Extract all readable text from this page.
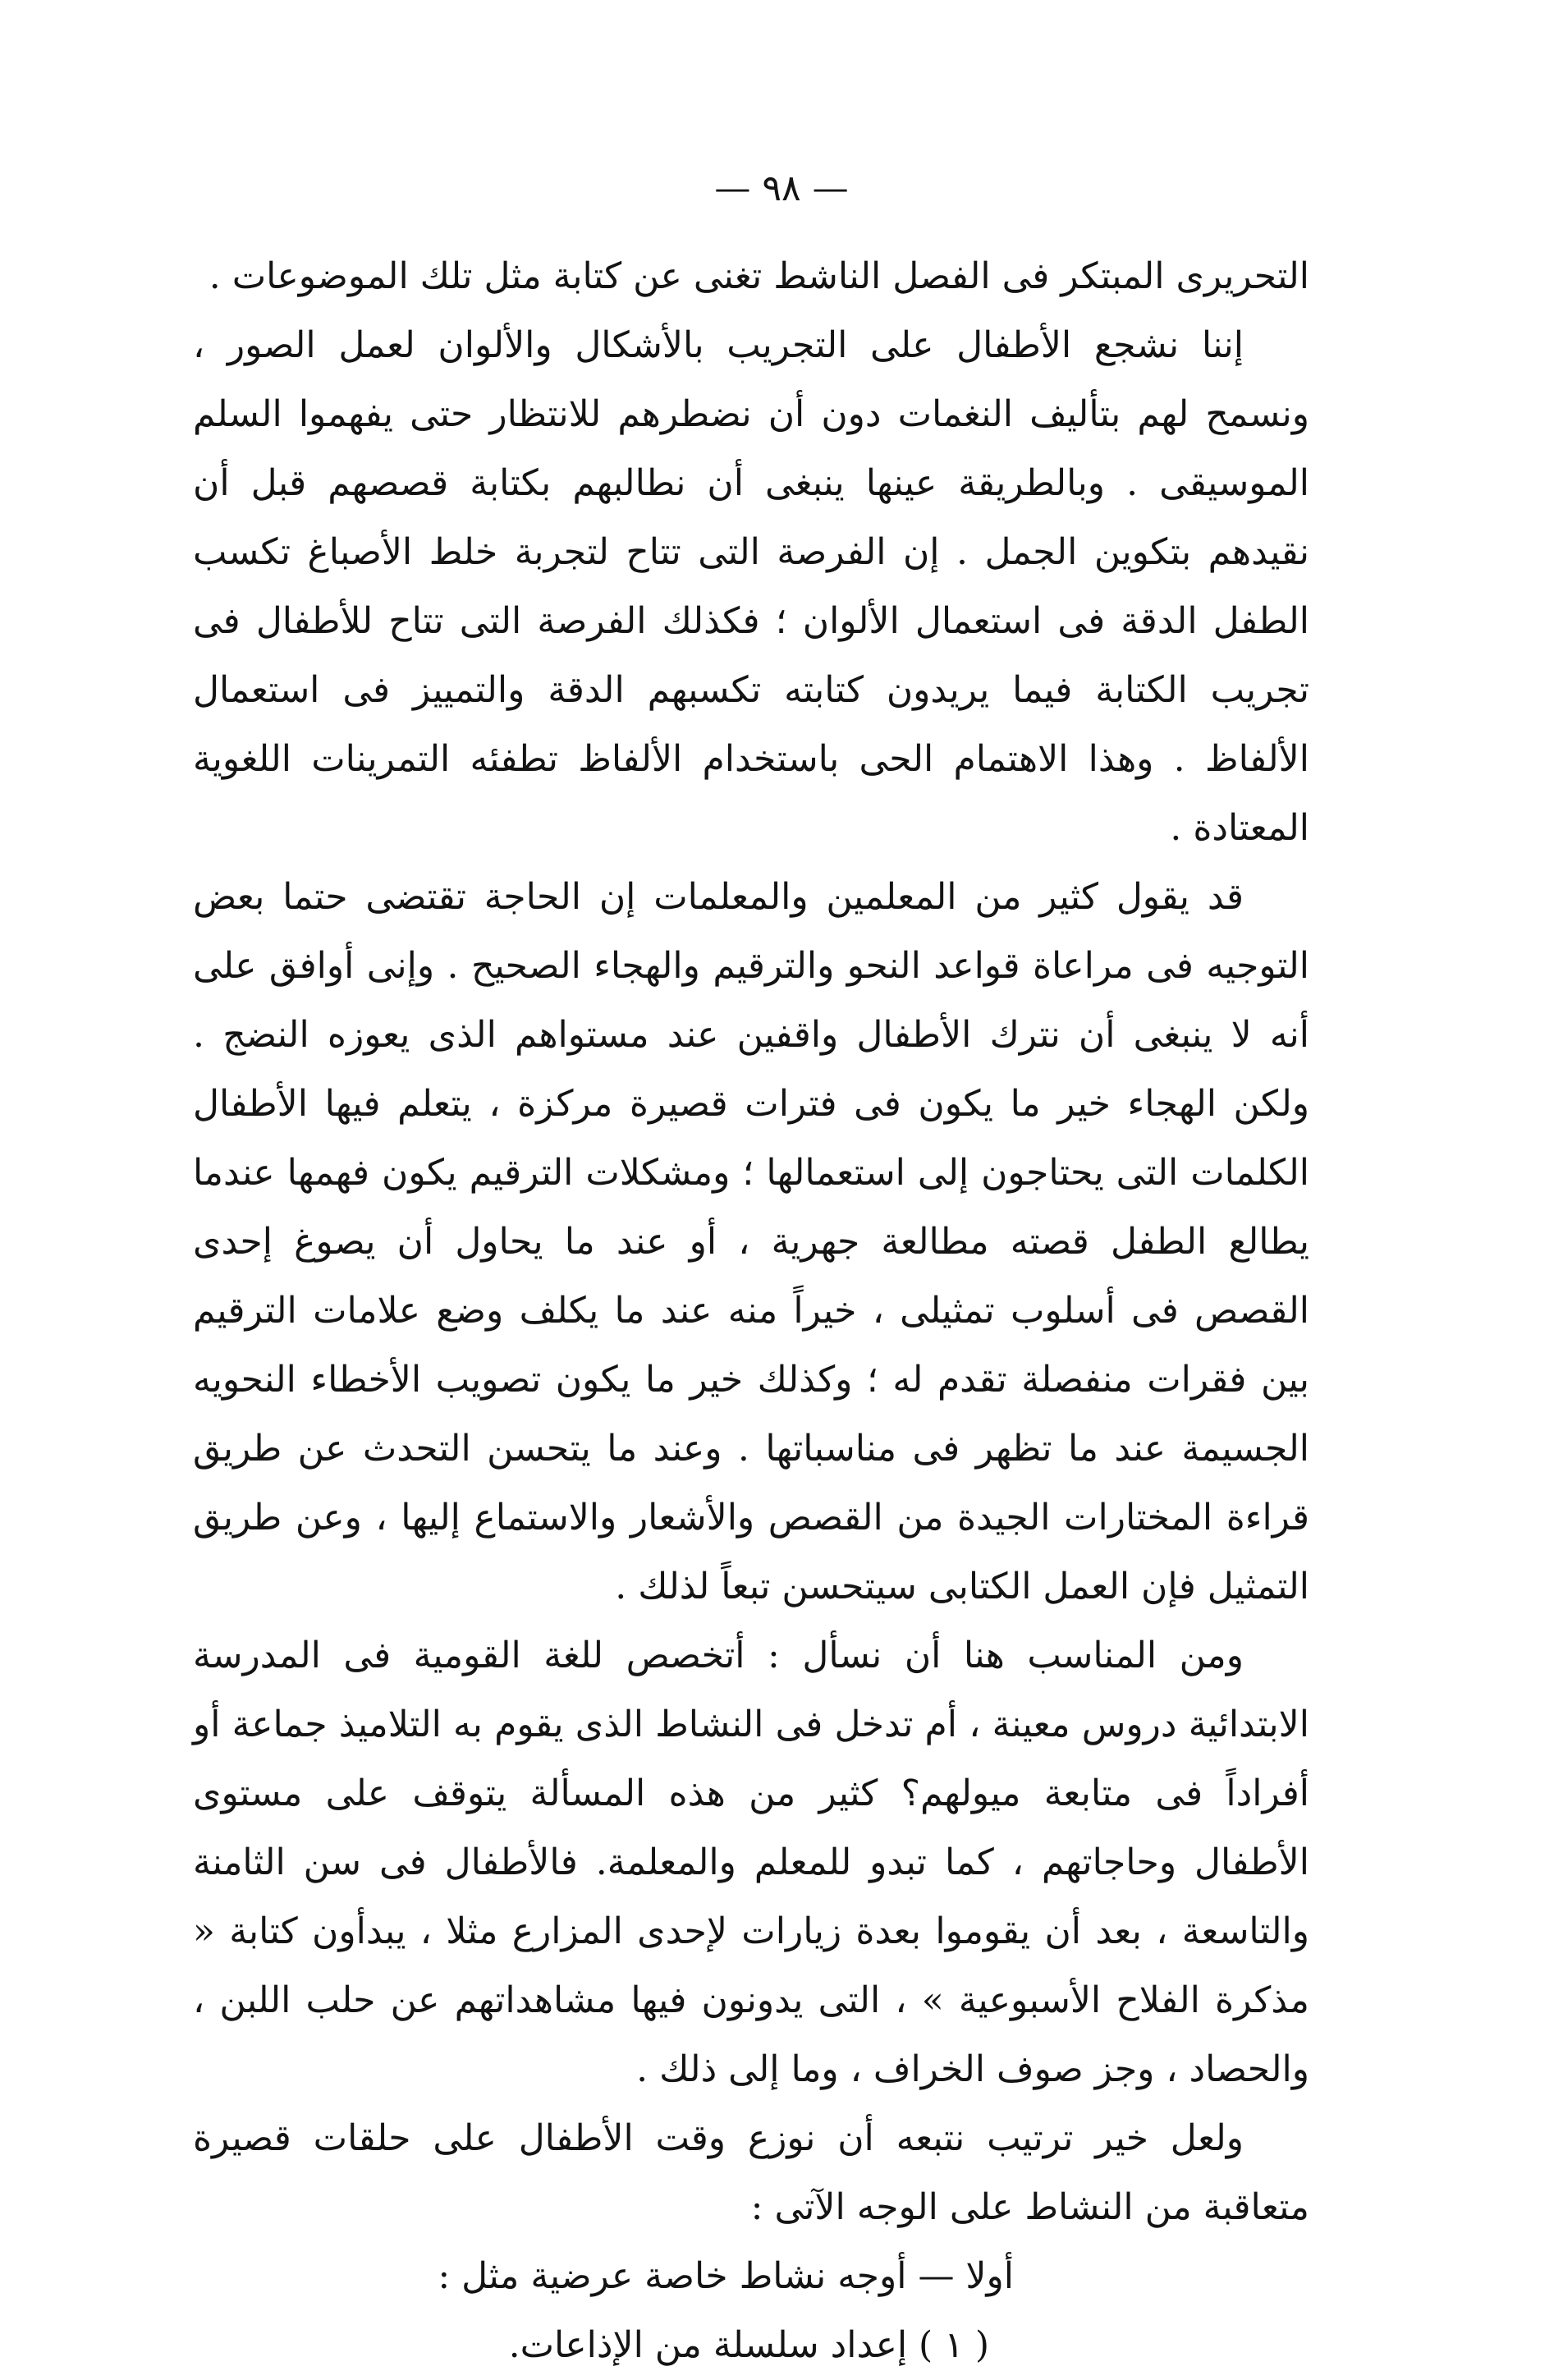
— ٩٨ —

التحريرى المبتكر فى الفصل الناشط تغنى عن كتابة مثل تلك الموضوعات .

إننا نشجع الأطفال على التجريب بالأشكال والألوان لعمل الصور ، ونسمح لهم بتأليف النغمات دون أن نضطرهم للانتظار حتى يفهموا السلم الموسيقى . وبالطريقة عينها ينبغى أن نطالبهم بكتابة قصصهم قبل أن نقيدهم بتكوين الجمل . إن الفرصة التى تتاح لتجربة خلط الأصباغ تكسب الطفل الدقة فى استعمال الألوان ؛ فكذلك الفرصة التى تتاح للأطفال فى تجريب الكتابة فيما يريدون كتابته تكسبهم الدقة والتمييز فى استعمال الألفاظ . وهذا الاهتمام الحى باستخدام الألفاظ تطفئه التمرينات اللغوية المعتادة .

قد يقول كثير من المعلمين والمعلمات إن الحاجة تقتضى حتما بعض التوجيه فى مراعاة قواعد النحو والترقيم والهجاء الصحيح . وإنى أوافق على أنه لا ينبغى أن نترك الأطفال واقفين عند مستواهم الذى يعوزه النضج . ولكن الهجاء خير ما يكون فى فترات قصيرة مركزة ، يتعلم فيها الأطفال الكلمات التى يحتاجون إلى استعمالها ؛ ومشكلات الترقيم يكون فهمها عندما يطالع الطفل قصته مطالعة جهرية ، أو عند ما يحاول أن يصوغ إحدى القصص فى أسلوب تمثيلى ، خيراً منه عند ما يكلف وضع علامات الترقيم بين فقرات منفصلة تقدم له ؛ وكذلك خير ما يكون تصويب الأخطاء النحويه الجسيمة عند ما تظهر فى مناسباتها . وعند ما يتحسن التحدث عن طريق قراءة المختارات الجيدة من القصص والأشعار والاستماع إليها ، وعن طريق التمثيل فإن العمل الكتابى سيتحسن تبعاً لذلك .

ومن المناسب هنا أن نسأل : أتخصص للغة القومية فى المدرسة الابتدائية دروس معينة ، أم تدخل فى النشاط الذى يقوم به التلاميذ جماعة أو أفراداً فى متابعة ميولهم؟ كثير من هذه المسألة يتوقف على مستوى الأطفال وحاجاتهم ، كما تبدو للمعلم والمعلمة. فالأطفال فى سن الثامنة والتاسعة ، بعد أن يقوموا بعدة زيارات لإحدى المزارع مثلا ، يبدأون كتابة « مذكرة الفلاح الأسبوعية » ، التى يدونون فيها مشاهداتهم عن حلب اللبن ، والحصاد ، وجز صوف الخراف ، وما إلى ذلك .

ولعل خير ترتيب نتبعه أن نوزع وقت الأطفال على حلقات قصيرة متعاقبة من النشاط على الوجه الآتى :

أولا — أوجه نشاط خاصة عرضية مثل :

( ١ ) إعداد سلسلة من الإذاعات.
